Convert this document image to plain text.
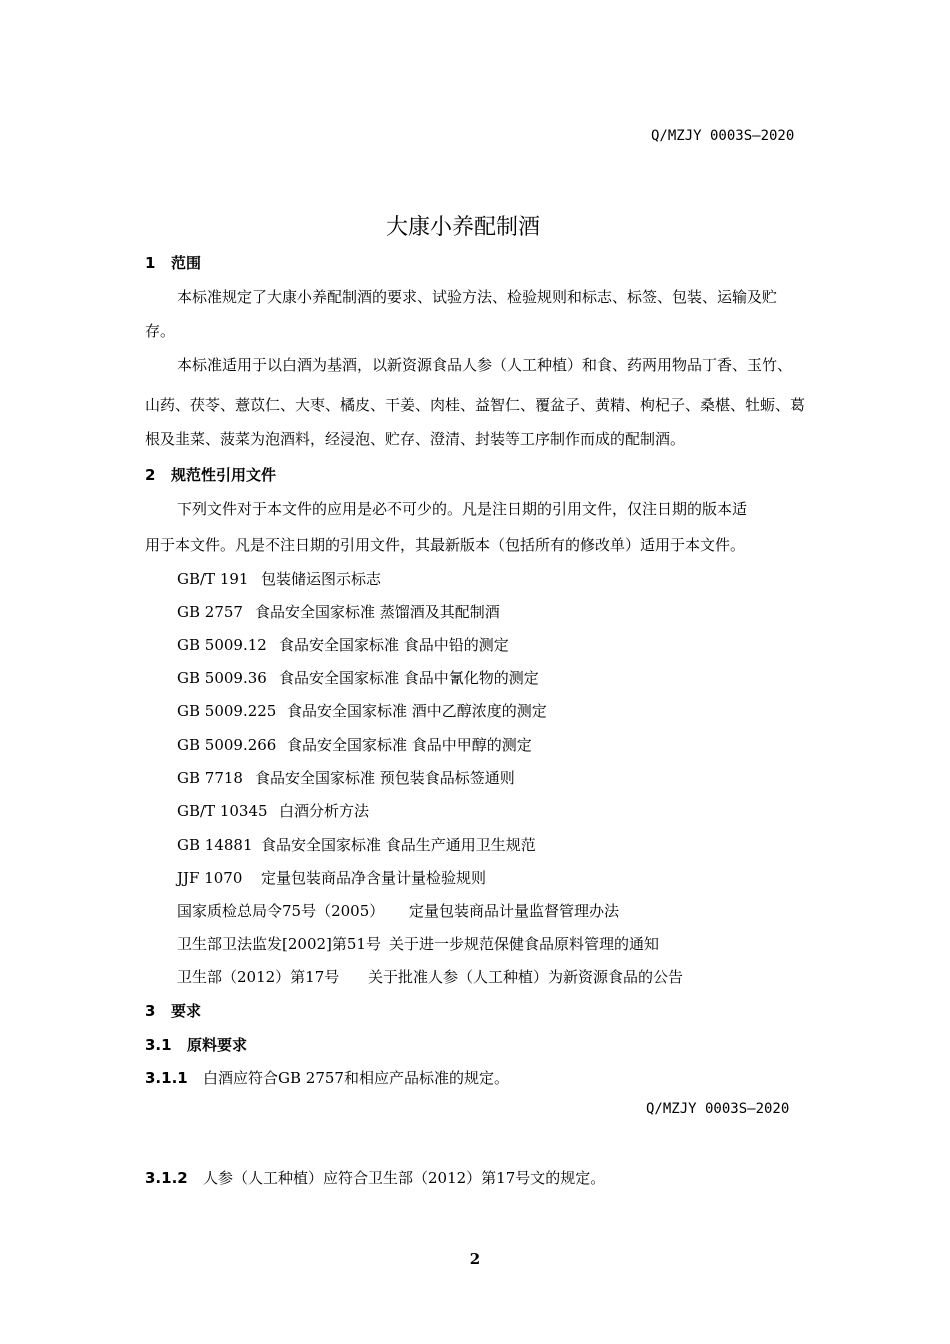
Q/MZJY 0003S—2020
大康小养配制酒
1 范围
本标准规定了大康小养配制酒的要求、试验方法、检验规则和标志、标签、包装、运输及贮
存。
本标准适用于以白酒为基酒，以新资源食品人参（人工种植）和食、药两用物品丁香、玉竹、
山药、茯苓、薏苡仁、大枣、橘皮、干姜、肉桂、益智仁、覆盆子、黄精、枸杞子、桑椹、牡蛎、葛
根及韭菜、菠菜为泡酒料，经浸泡、贮存、澄清、封装等工序制作而成的配制酒。
2 规范性引用文件
下列文件对于本文件的应用是必不可少的。凡是注日期的引用文件，仅注日期的版本适
用于本文件。凡是不注日期的引用文件，其最新版本（包括所有的修改单）适用于本文件。
GB/T 191 包装储运图示标志
GB 2757 食品安全国家标准 蒸馏酒及其配制酒
GB 5009.12 食品安全国家标准 食品中铅的测定
GB 5009.36 食品安全国家标准 食品中氰化物的测定
GB 5009.225 食品安全国家标准 酒中乙醇浓度的测定
GB 5009.266 食品安全国家标准 食品中甲醇的测定
GB 7718 食品安全国家标准 预包装食品标签通则
GB/T 10345 白酒分析方法
GB 14881 食品安全国家标准 食品生产通用卫生规范
JJF 1070 定量包装商品净含量计量检验规则
国家质检总局令75号（2005） 定量包装商品计量监督管理办法
卫生部卫法监发[2002]第51号 关于进一步规范保健食品原料管理的通知
卫生部（2012）第17号 关于批准人参（人工种植）为新资源食品的公告
3 要求
3.1 原料要求
3.1.1 白酒应符合GB 2757和相应产品标准的规定。
Q/MZJY 0003S—2020
3.1.2 人参（人工种植）应符合卫生部（2012）第17号文的规定。
2
